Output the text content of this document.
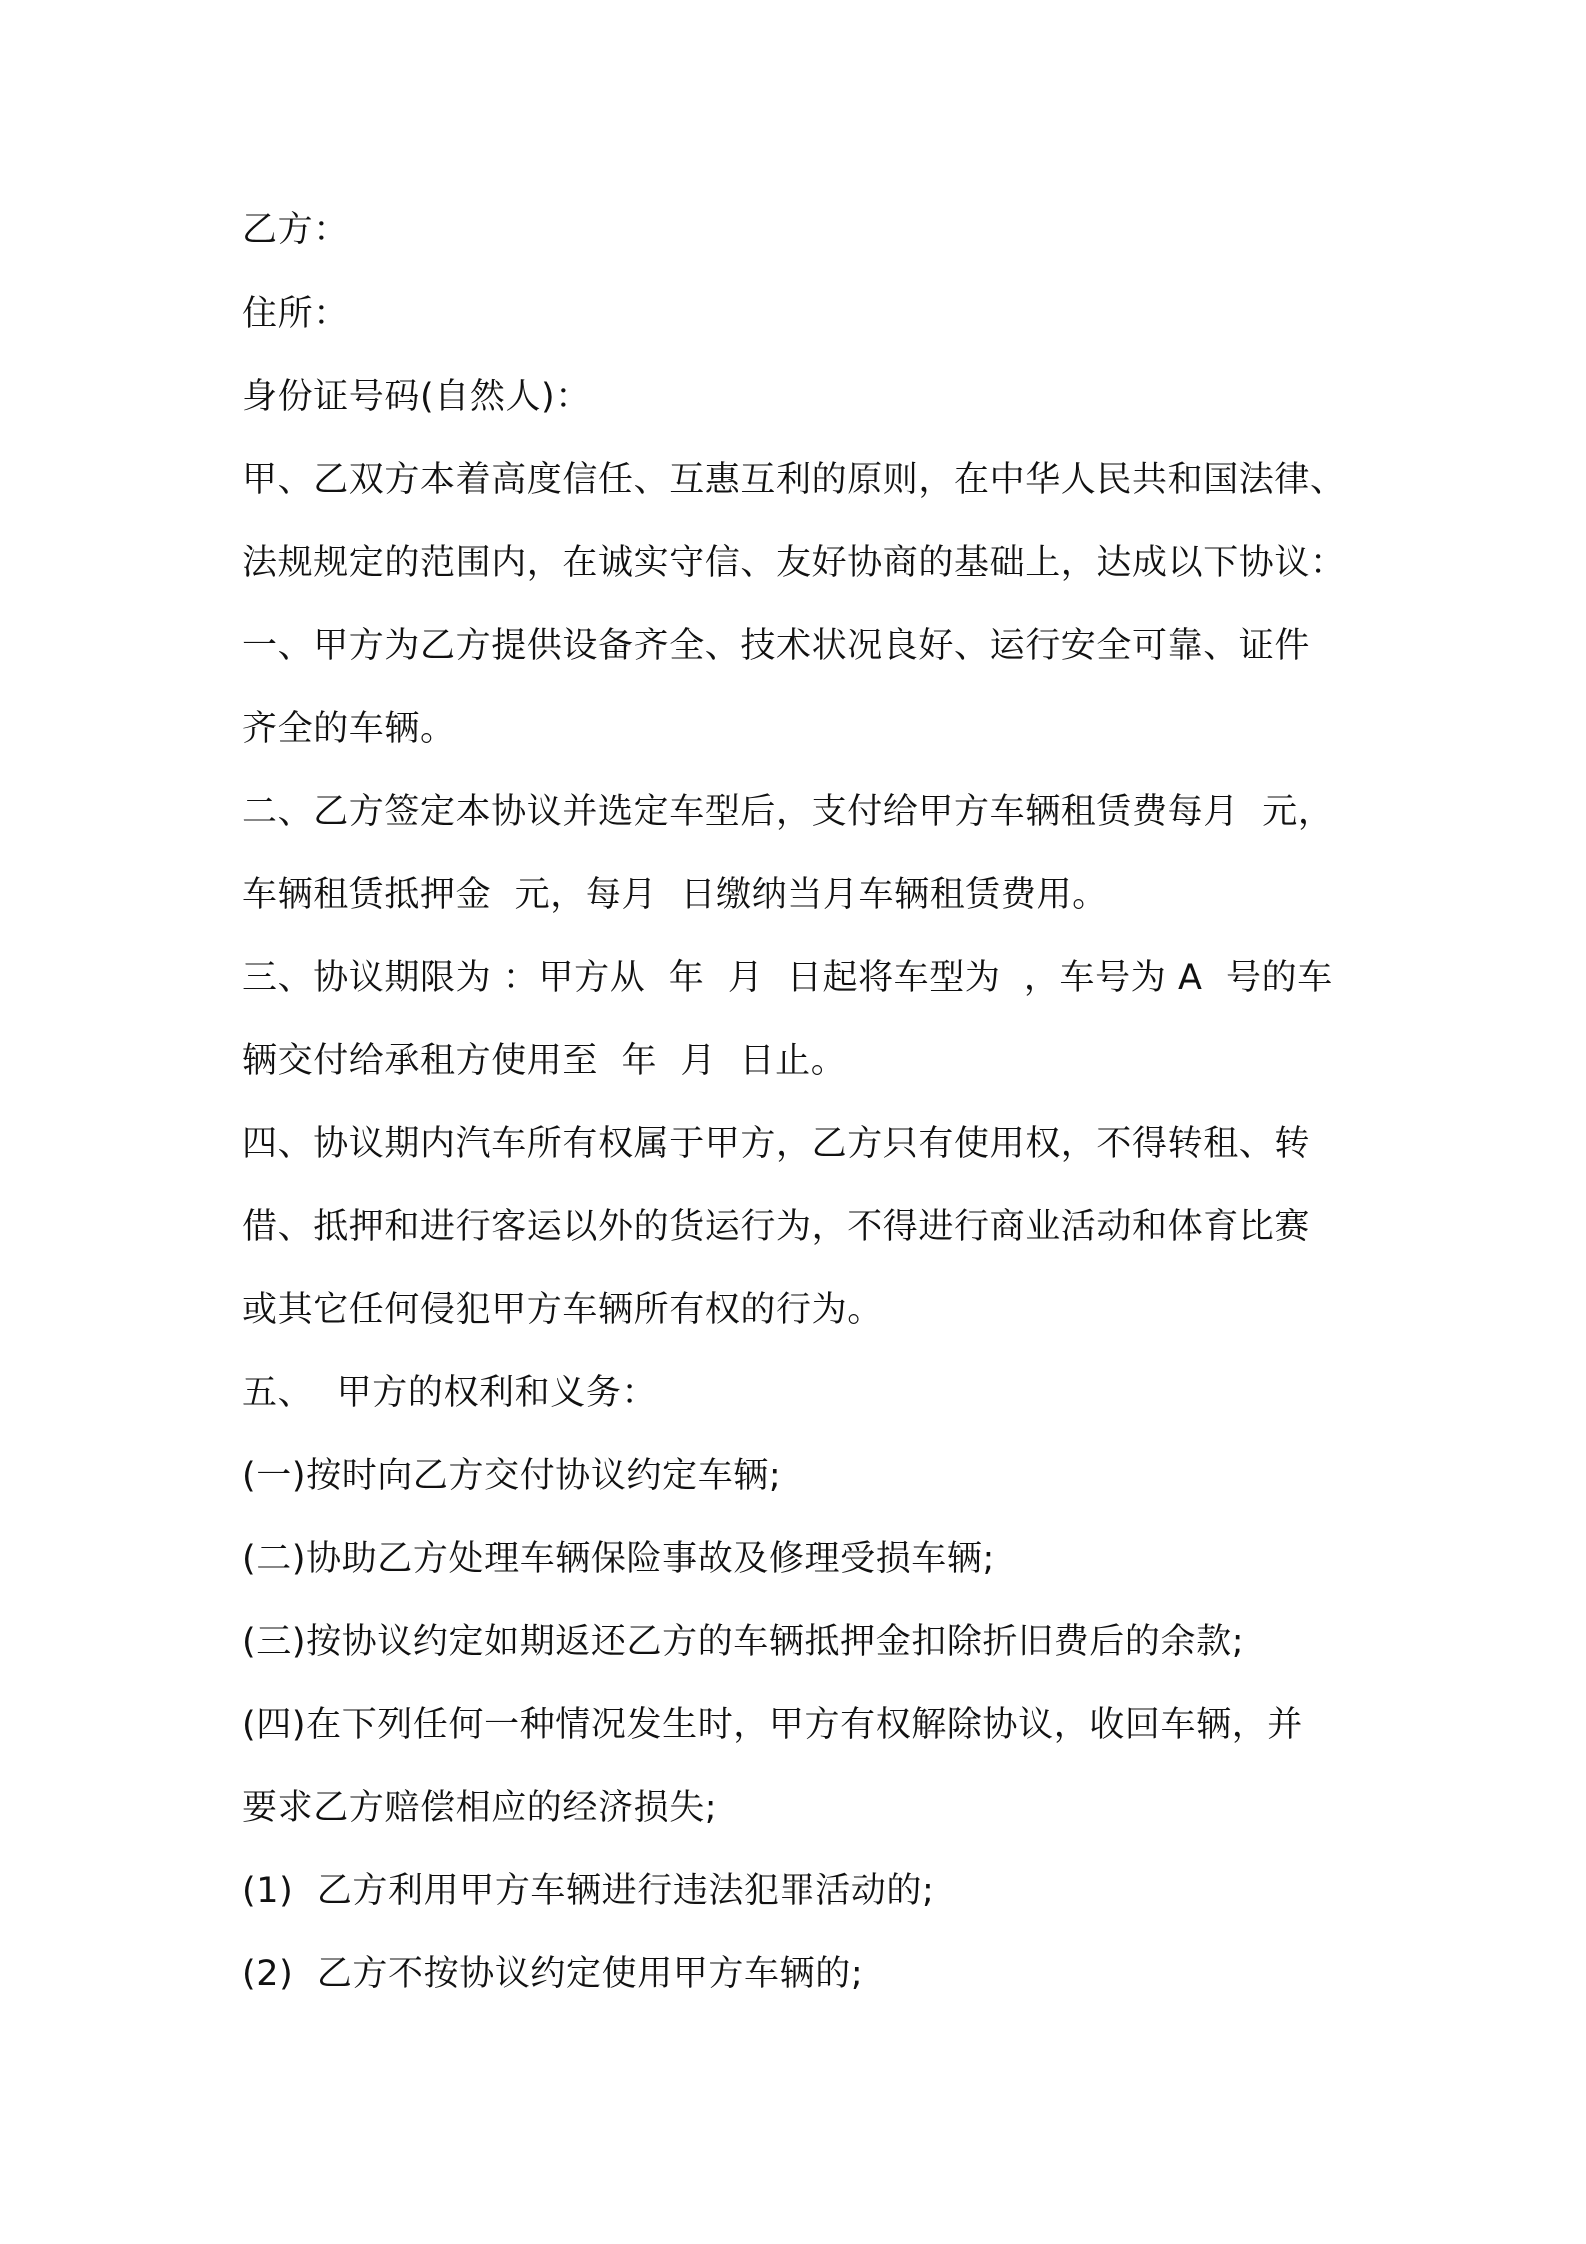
乙方：
住所：
身份证号码(自然人)：
甲、乙双方本着高度信任、互惠互利的原则，在中华人民共和国法律、
法规规定的范围内，在诚实守信、友好协商的基础上，达成以下协议：
一、甲方为乙方提供设备齐全、技术状况良好、运行安全可靠、证件
齐全的车辆。
二、乙方签定本协议并选定车型后，支付给甲方车辆租赁费每月  元，
车辆租赁抵押金  元，每月  日缴纳当月车辆租赁费用。
三、协议期限为 ：甲方从  年  月  日起将车型为  ，车号为 A  号的车
辆交付给承租方使用至  年  月  日止。
四、协议期内汽车所有权属于甲方，乙方只有使用权，不得转租、转
借、抵押和进行客运以外的货运行为，不得进行商业活动和体育比赛
或其它任何侵犯甲方车辆所有权的行为。
五、  甲方的权利和义务：
(一)按时向乙方交付协议约定车辆;
(二)协助乙方处理车辆保险事故及修理受损车辆;
(三)按协议约定如期返还乙方的车辆抵押金扣除折旧费后的余款;
(四)在下列任何一种情况发生时，甲方有权解除协议，收回车辆，并
要求乙方赔偿相应的经济损失;
(1)  乙方利用甲方车辆进行违法犯罪活动的;
(2)  乙方不按协议约定使用甲方车辆的;
